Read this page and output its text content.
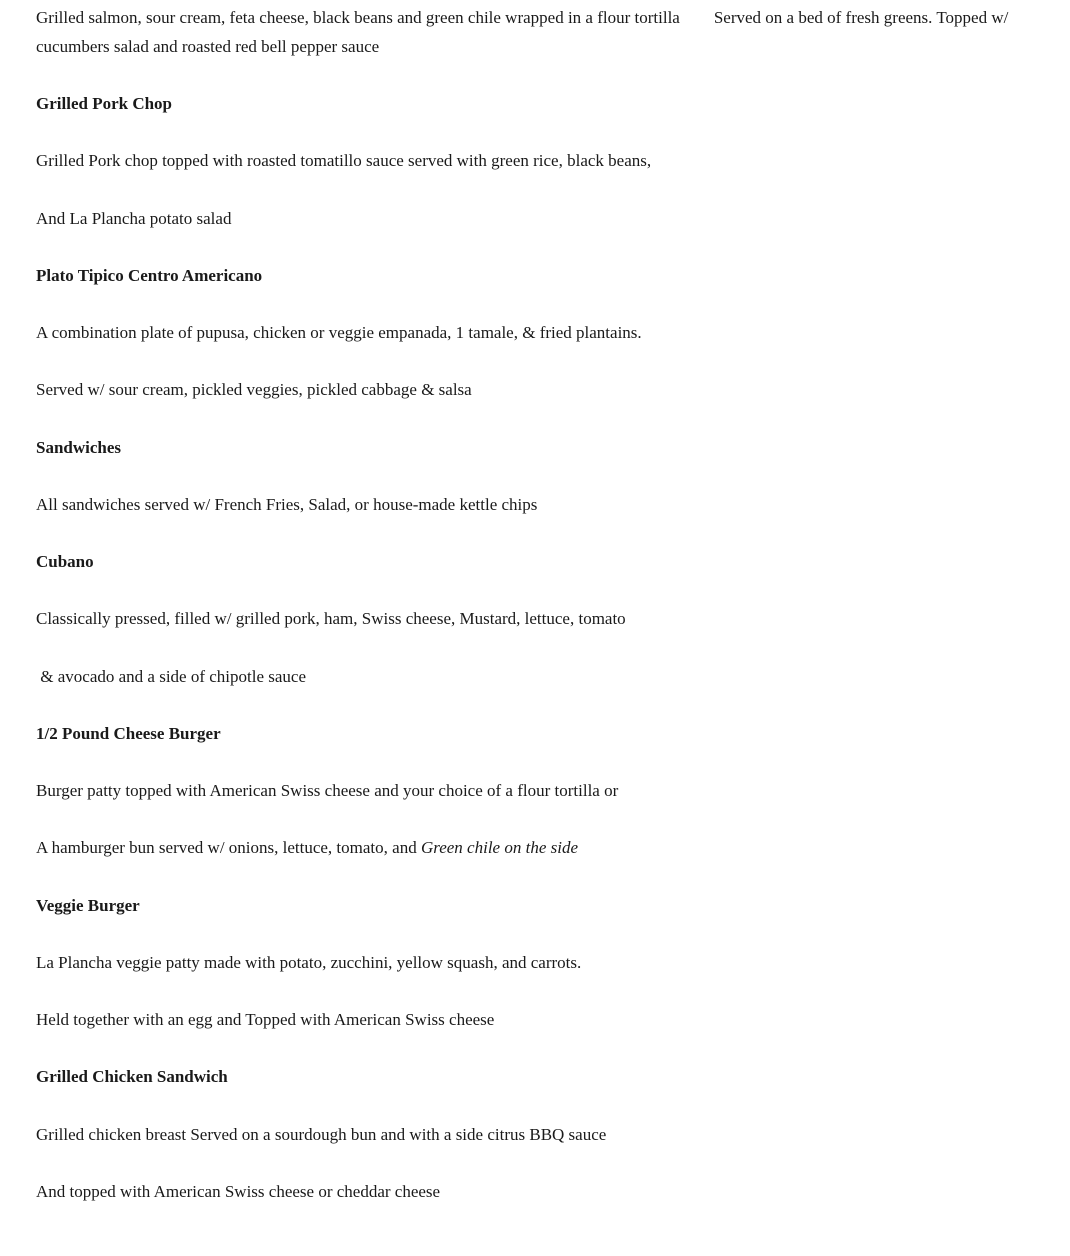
Grilled salmon, sour cream, feta cheese, black beans and green chile wrapped in a flour tortilla        Served on a bed of fresh greens. Topped w/
cucumbers salad and roasted red bell pepper sauce
Grilled Pork Chop
Grilled Pork chop topped with roasted tomatillo sauce served with green rice, black beans,
And La Plancha potato salad
Plato Tipico Centro Americano
A combination plate of pupusa, chicken or veggie empanada, 1 tamale, & fried plantains.
Served w/ sour cream, pickled veggies, pickled cabbage & salsa
Sandwiches
All sandwiches served w/ French Fries, Salad, or house-made kettle chips
Cubano
Classically pressed, filled w/ grilled pork, ham, Swiss cheese, Mustard, lettuce, tomato
& avocado and a side of chipotle sauce
1/2 Pound Cheese Burger
Burger patty topped with American Swiss cheese and your choice of a flour tortilla or
A hamburger bun served w/ onions, lettuce, tomato, and Green chile on the side
Veggie Burger
La Plancha veggie patty made with potato, zucchini, yellow squash, and carrots.
Held together with an egg and Topped with American Swiss cheese
Grilled Chicken Sandwich
Grilled chicken breast Served on a sourdough bun and with a side citrus BBQ sauce
And topped with American Swiss cheese or cheddar cheese
